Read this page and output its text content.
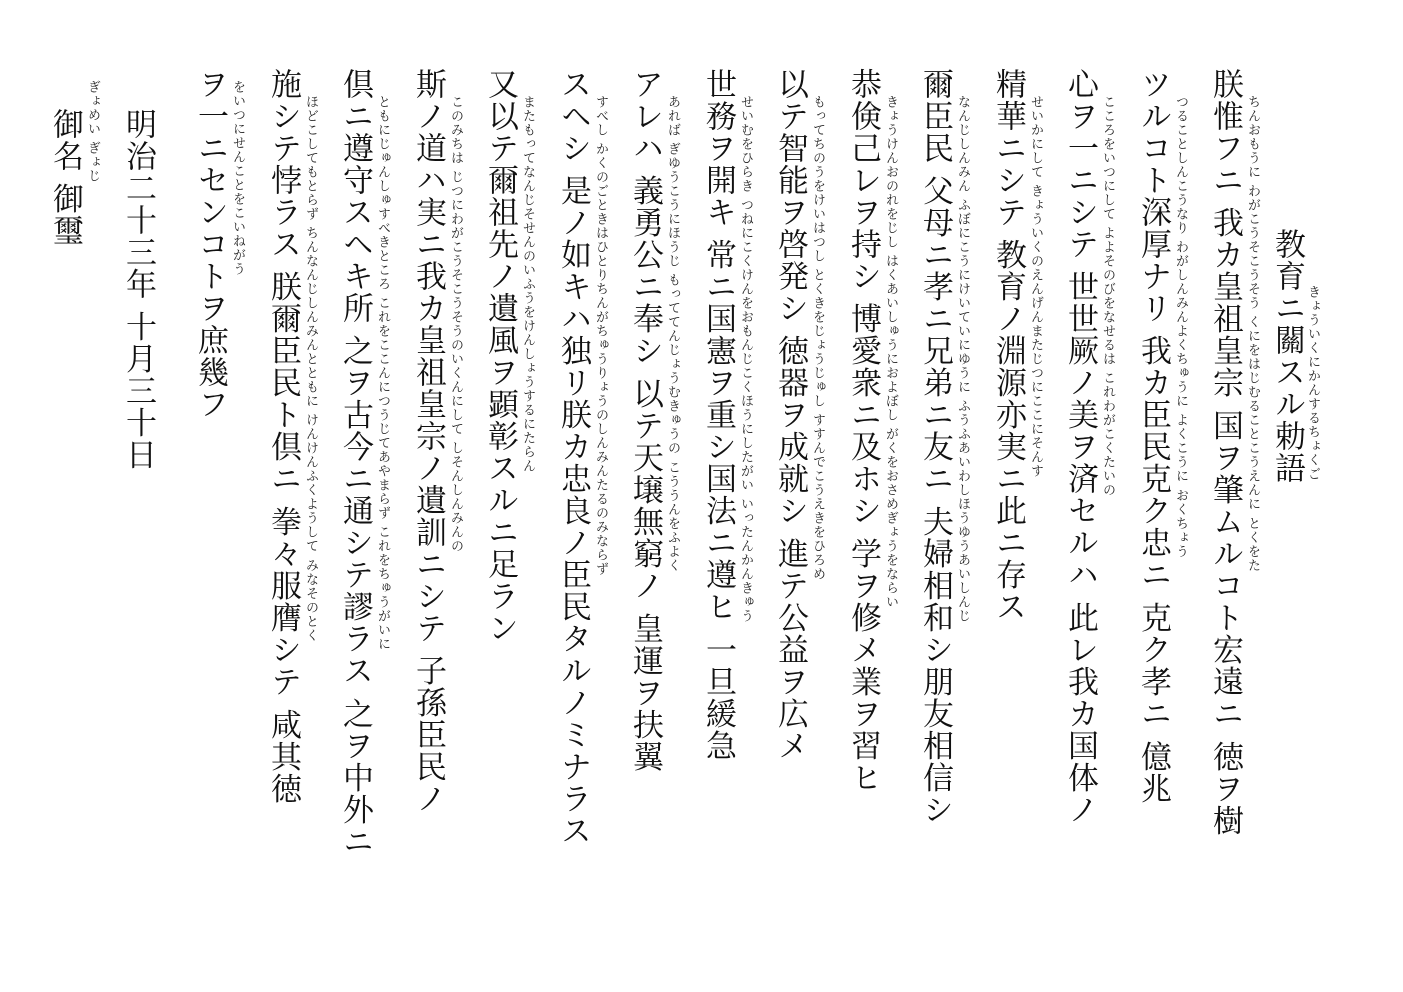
きょういくにかんするちょくご
教育ニ關スル勅語
ちんおもうに わがこうそこうそう くにをはじむることこうえんに とくをた
朕惟フニ 我カ皇祖皇宗 国ヲ肇ムルコト宏遠ニ 徳ヲ樹
つることしんこうなり わがしんみんよくちゅうに よくこうに おくちょう
ツルコト深厚ナリ 我カ臣民克ク忠ニ 克ク孝ニ 億兆
こころをいつにして よよそのびをなせるは これわがこくたいの
心ヲ一ニシテ 世世厥ノ美ヲ済セルハ 此レ我カ国体ノ
せいかにして きょういくのえんげんまたじつにここにそんす
精華ニシテ 教育ノ淵源亦実ニ此ニ存ス
なんじしんみん ふぼにこうにけいていにゆうに ふうふあいわしほうゆうあいしんじ
爾臣民 父母ニ孝ニ兄弟ニ友ニ 夫婦相和シ朋友相信シ
きょうけんおのれをじし はくあいしゅうにおよぼし がくをおさめぎょうをならい
恭倹己レヲ持シ 博愛衆ニ及ホシ 学ヲ修メ業ヲ習ヒ
もってちのうをけいはつし とくきをじょうじゅし すすんでこうえきをひろめ
以テ智能ヲ啓発シ 徳器ヲ成就シ 進テ公益ヲ広メ
せいむをひらき つねにこくけんをおもんじこくほうにしたがい いったんかんきゅう
世務ヲ開キ 常ニ国憲ヲ重シ国法ニ遵ヒ 一旦緩急
あれば ぎゆうこうにほうじ もっててんじょうむきゅうの こううんをふよく
アレハ 義勇公ニ奉シ 以テ天壌無窮ノ 皇運ヲ扶翼
すべし かくのごときはひとりちんがちゅうりょうのしんみんたるのみならず
スヘシ 是ノ如キハ独リ朕カ忠良ノ臣民タルノミナラス
またもってなんじそせんのいふうをけんしょうするにたらん
又以テ爾祖先ノ遺風ヲ顕彰スルニ足ラン
このみちは じつにわがこうそこうそうのいくんにして しそんしんみんの
斯ノ道ハ実ニ我カ皇祖皇宗ノ遺訓ニシテ 子孫臣民ノ
ともにじゅんしゅすべきところ これをここんにつうじてあやまらず これをちゅうがいに
倶ニ遵守スヘキ所 之ヲ古今ニ通シテ謬ラス 之ヲ中外ニ
ほどこしてもとらず ちんなんじしんみんとともに けんけんふくようして みなそのとく
施シテ悖ラス 朕爾臣民ト倶ニ 拳々服膺シテ 咸其徳
をいつにせんことをこいねがう
ヲ一ニセンコトヲ庶幾フ
明治二十三年 十月三十日
ぎょめい ぎょじ
御名 御璽
